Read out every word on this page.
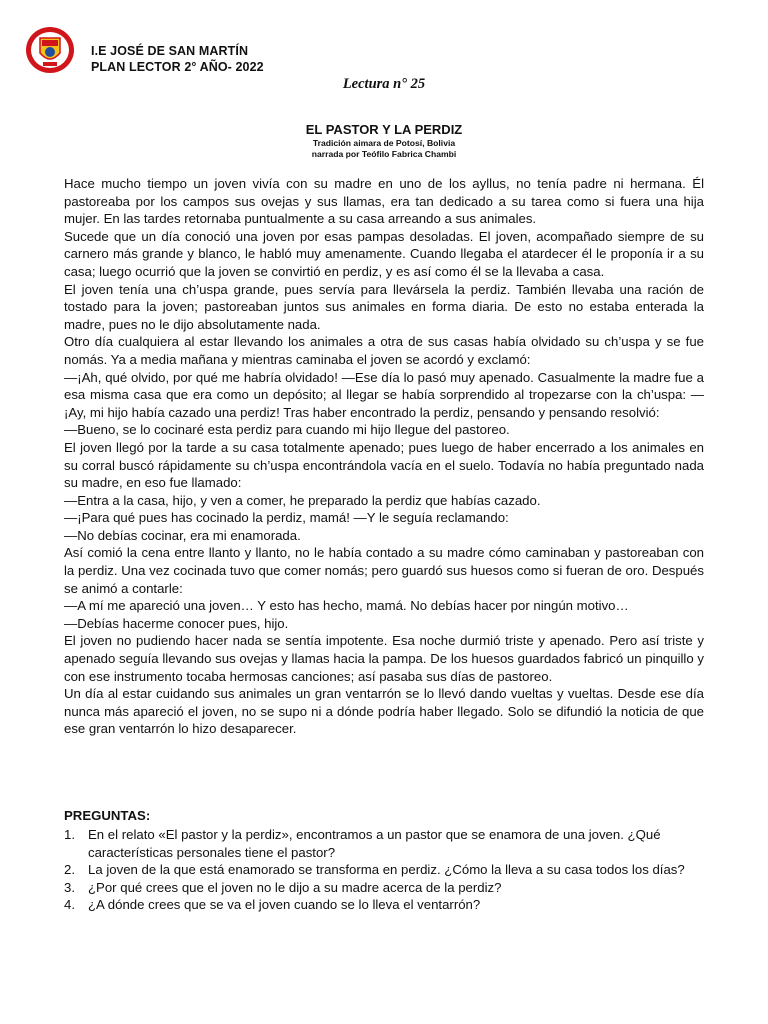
I.E JOSÉ DE SAN MARTÍN
PLAN LECTOR 2° AÑO- 2022
Lectura n° 25
EL PASTOR Y LA PERDIZ
Tradición aimara de Potosí, Bolivia
narrada por Teófilo Fabrica Chambi

Hace mucho tiempo un joven vivía con su madre en uno de los ayllus, no tenía padre ni hermana. Él pastoreaba por los campos sus ovejas y sus llamas, era tan dedicado a su tarea como si fuera una hija mujer. En las tardes retornaba puntualmente a su casa arreando a sus animales.

Sucede que un día conoció una joven por esas pampas desoladas. El joven, acompañado siempre de su carnero más grande y blanco, le habló muy amenamente. Cuando llegaba el atardecer él le proponía ir a su casa; luego ocurrió que la joven se convirtió en perdiz, y es así como él se la llevaba a casa.

El joven tenía una ch’uspa grande, pues servía para llevársela la perdiz. También llevaba una ración de tostado para la joven; pastoreaban juntos sus animales en forma diaria. De esto no estaba enterada la madre, pues no le dijo absolutamente nada.

Otro día cualquiera al estar llevando los animales a otra de sus casas había olvidado su ch’uspa y se fue nomás. Ya a media mañana y mientras caminaba el joven se acordó y exclamó:

—¡Ah, qué olvido, por qué me habría olvidado! —Ese día lo pasó muy apenado. Casualmente la madre fue a esa misma casa que era como un depósito; al llegar se había sorprendido al tropezarse con la ch’uspa: —¡Ay, mi hijo había cazado una perdiz! Tras haber encontrado la perdiz, pensando y pensando resolvió:

—Bueno, se lo cocinaré esta perdiz para cuando mi hijo llegue del pastoreo.

El joven llegó por la tarde a su casa totalmente apenado; pues luego de haber encerrado a los animales en su corral buscó rápidamente su ch’uspa encontrándola vacía en el suelo. Todavía no había preguntado nada su madre, en eso fue llamado:

—Entra a la casa, hijo, y ven a comer, he preparado la perdiz que habías cazado.

—¡Para qué pues has cocinado la perdiz, mamá! —Y le seguía reclamando:

—No debías cocinar, era mi enamorada.

Así comió la cena entre llanto y llanto, no le había contado a su madre cómo caminaban y pastoreaban con la perdiz. Una vez cocinada tuvo que comer nomás; pero guardó sus huesos como si fueran de oro. Después se animó a contarle:

—A mí me apareció una joven… Y esto has hecho, mamá. No debías hacer por ningún motivo…

—Debías hacerme conocer pues, hijo.

El joven no pudiendo hacer nada se sentía impotente. Esa noche durmió triste y apenado. Pero así triste y apenado seguía llevando sus ovejas y llamas hacia la pampa. De los huesos guardados fabricó un pinquillo y con ese instrumento tocaba hermosas canciones; así pasaba sus días de pastoreo.

Un día al estar cuidando sus animales un gran ventarrón se lo llevó dando vueltas y vueltas. Desde ese día nunca más apareció el joven, no se supo ni a dónde podría haber llegado. Solo se difundió la noticia de que ese gran ventarrón lo hizo desaparecer.

PREGUNTAS:
1. En el relato «El pastor y la perdiz», encontramos a un pastor que se enamora de una joven. ¿Qué características personales tiene el pastor?
2. La joven de la que está enamorado se transforma en perdiz. ¿Cómo la lleva a su casa todos los días?
3. ¿Por qué crees que el joven no le dijo a su madre acerca de la perdiz?
4. ¿A dónde crees que se va el joven cuando se lo lleva el ventarrón?
